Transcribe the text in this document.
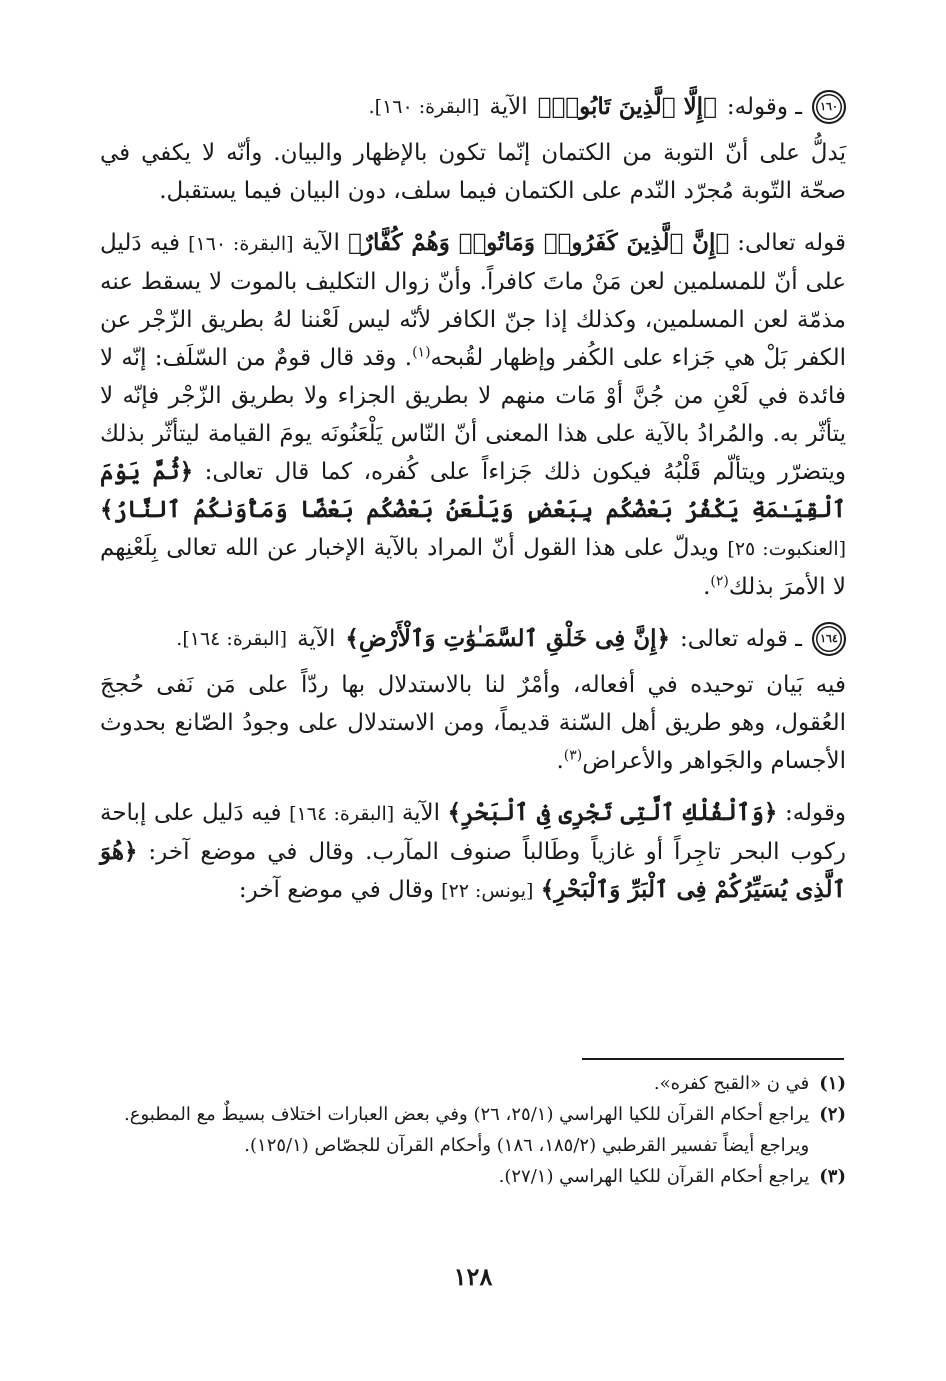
١٦٠
ـ وقوله:
﴿إِلَّا ٱلَّذِينَ تَابُوا۟﴾
الآية
[البقرة: ١٦٠].

يَدلُّ على أنّ التوبة من الكتمان إنّما تكون بالإظهار والبيان. وأنّه لا يكفي في صحّة التّوبة مُجرّد النّدم على الكتمان فيما سلف، دون البيان فيما يستقبل.

قوله تعالى: ﴿إِنَّ ٱلَّذِينَ كَفَرُوا۟ وَمَاتُوا۟ وَهُمْ كُفَّارٌ﴾ الآية [البقرة: ١٦٠] فيه دَليل على أنّ للمسلمين لعن مَنْ ماتَ كافراً. وأنّ زوال التكليف بالموت لا يسقط عنه مذمّة لعن المسلمين، وكذلك إذا جنّ الكافر لأنّه ليس لَعْننا لهُ بطريق الزّجْر عن الكفر بَلْ هي جَزاء على الكُفر وإظهار لقُبحه$^{(١)}$. وقد قال قومٌ من السّلَف: إنّه لا فائدة في لَعْنِ من جُنَّ أوْ مَات منهم لا بطريق الجزاء ولا بطريق الزّجْر فإنّه لا يتأثّر به. والمُرادُ بالآية على هذا المعنى أنّ النّاس يَلْعَنُونَه يومَ القيامة ليتأثّر بذلك ويتضرّر ويتألّم قَلْبُهُ فيكون ذلك جَزاءاً على كُفره، كما قال تعالى: ﴿ثُمَّ يَوْمَ ٱلْقِيَـٰمَةِ يَكْفُرُ بَعْضُكُم بِبَعْضٍ وَيَلْعَنُ بَعْضُكُم بَعْضًا وَمَأْوَىٰكُمُ ٱلنَّارُ﴾ [العنكبوت: ٢٥] ويدلّ على هذا القول أنّ المراد بالآية الإخبار عن الله تعالى بِلَعْنِهم لا الأمرَ بذلك$^{(٢)}$.

١٦٤
ـ قوله تعالى:
﴿إِنَّ فِى خَلْقِ ٱلسَّمَـٰوَٰتِ وَٱلْأَرْضِ﴾
الآية
[البقرة: ١٦٤].

فيه بَيان توحيده في أفعاله، وأمْرٌ لنا بالاستدلال بها ردّاً على مَن نَفى حُججَ العُقول، وهو طريق أهل السّنة قديماً، ومن الاستدلال على وجودُ الصّانع بحدوث الأجسام والجَواهر والأعراض$^{(٣)}$.

وقوله: ﴿وَٱلْفُلْكِ ٱلَّتِى تَجْرِى فِى ٱلْبَحْرِ﴾ الآية [البقرة: ١٦٤] فيه دَليل على إباحة ركوب البحر تاجِراً أو غازياً وطَالباً صنوف المآرب. وقال في موضع آخر: ﴿هُوَ ٱلَّذِى يُسَيِّرُكُمْ فِى ٱلْبَرِّ وَٱلْبَحْرِ﴾ [يونس: ٢٢] وقال في موضع آخر:

(١)
في ن «القبح كفره».
(٢)
يراجع أحكام القرآن للكيا الهراسي (٢٥/١، ٢٦) وفي بعض العبارات اختلاف بسيطٌ مع المطبوع. ويراجع أيضاً تفسير القرطبي (١٨٥/٢، ١٨٦) وأحكام القرآن للجصّاص (١٢٥/١).
(٣)
يراجع أحكام القرآن للكيا الهراسي (٢٧/١).
١٢٨
